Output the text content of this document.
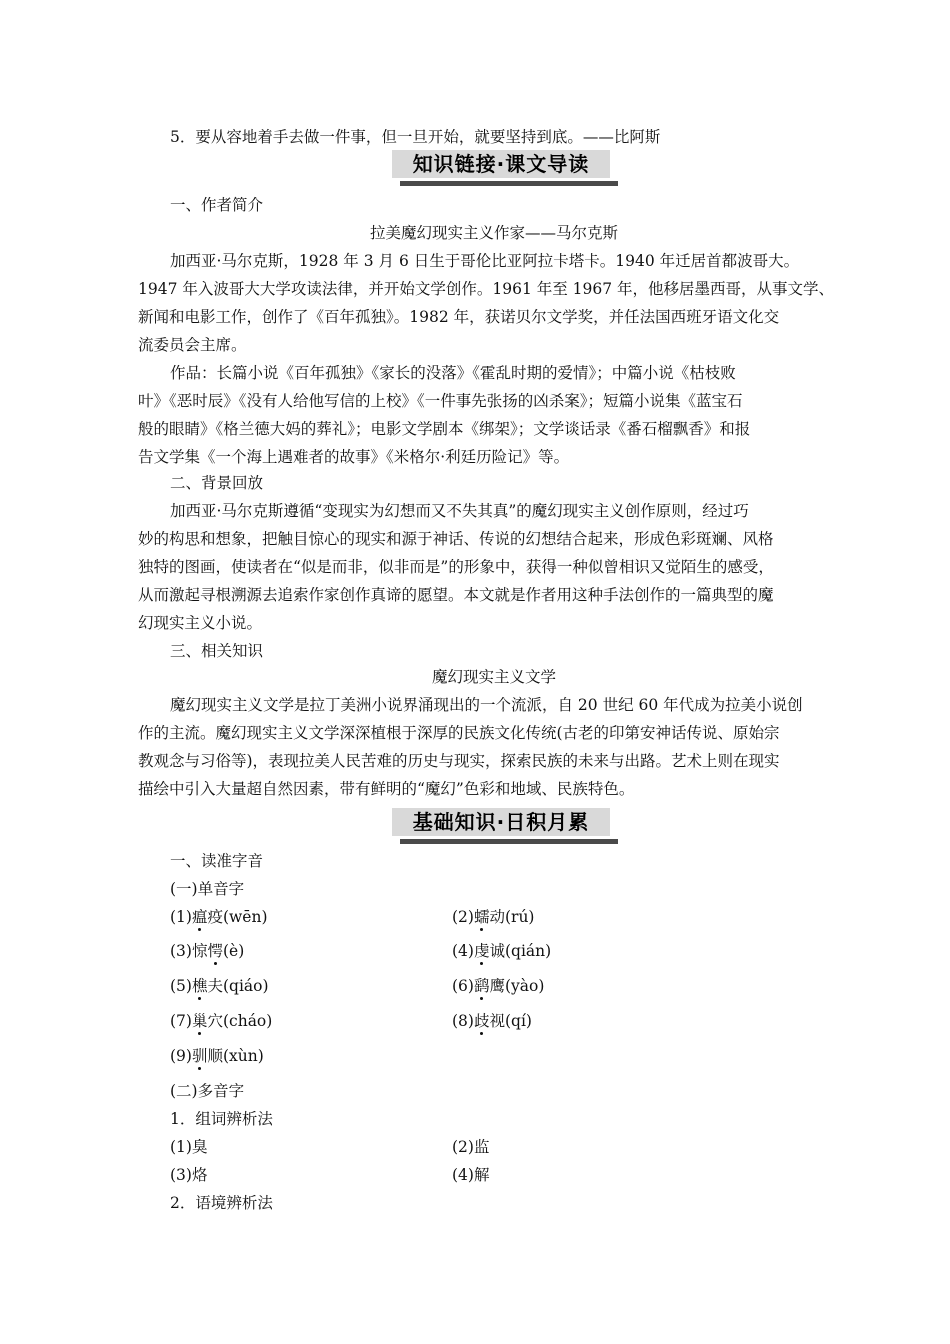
5．要从容地着手去做一件事，但一旦开始，就要坚持到底。——比阿斯
知识链接·课文导读
一、作者简介
拉美魔幻现实主义作家——马尔克斯
加西亚·马尔克斯，1928 年 3 月 6 日生于哥伦比亚阿拉卡塔卡。1940 年迁居首都波哥大。
1947 年入波哥大大学攻读法律，并开始文学创作。1961 年至 1967 年，他移居墨西哥，从事文学、
新闻和电影工作，创作了《百年孤独》。1982 年，获诺贝尔文学奖，并任法国西班牙语文化交
流委员会主席。
作品：长篇小说《百年孤独》《家长的没落》《霍乱时期的爱情》；中篇小说《枯枝败
叶》《恶时辰》《没有人给他写信的上校》《一件事先张扬的凶杀案》；短篇小说集《蓝宝石
般的眼睛》《格兰德大妈的葬礼》；电影文学剧本《绑架》；文学谈话录《番石榴飘香》和报
告文学集《一个海上遇难者的故事》《米格尔·利廷历险记》等。
二、背景回放
加西亚·马尔克斯遵循“变现实为幻想而又不失其真”的魔幻现实主义创作原则，经过巧
妙的构思和想象，把触目惊心的现实和源于神话、传说的幻想结合起来，形成色彩斑斓、风格
独特的图画，使读者在“似是而非，似非而是”的形象中，获得一种似曾相识又觉陌生的感受，
从而激起寻根溯源去追索作家创作真谛的愿望。本文就是作者用这种手法创作的一篇典型的魔
幻现实主义小说。
三、相关知识
魔幻现实主义文学
魔幻现实主义文学是拉丁美洲小说界涌现出的一个流派，自 20 世纪 60 年代成为拉美小说创
作的主流。魔幻现实主义文学深深植根于深厚的民族文化传统(古老的印第安神话传说、原始宗
教观念与习俗等)，表现拉美人民苦难的历史与现实，探索民族的未来与出路。艺术上则在现实
描绘中引入大量超自然因素，带有鲜明的“魔幻”色彩和地域、民族特色。
基础知识·日积月累
一、读准字音
(一)单音字
(1)瘟疫(wēn)	(2)蠕动(rú)
(3)惊愕(è)	(4)虔诚(qián)
(5)樵夫(qiáo)	(6)鹞鹰(yào)
(7)巢穴(cháo)	(8)歧视(qí)
(9)驯顺(xùn)
(二)多音字
1．组词辨析法
(1)臭	(2)监
(3)烙	(4)解
2．语境辨析法
